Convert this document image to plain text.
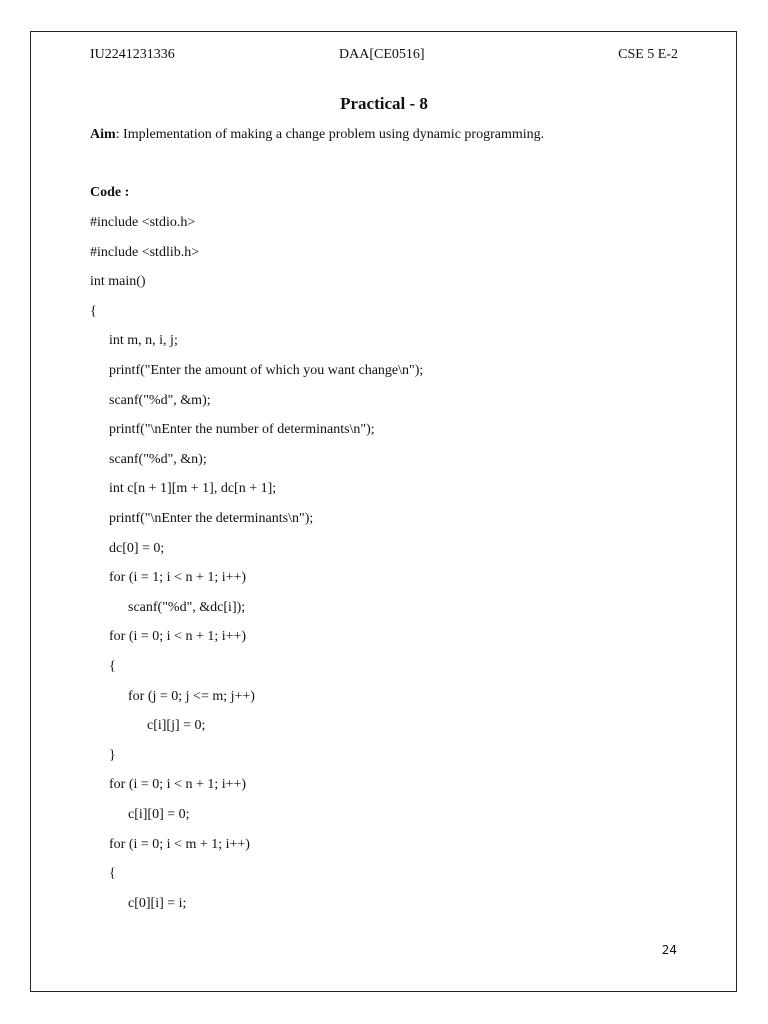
IU2241231336	DAA[CE0516]	CSE 5 E-2
Practical - 8
Aim: Implementation of making a change problem using dynamic programming.
Code :
#include <stdio.h>
#include <stdlib.h>
int main()
{
int m, n, i, j;
printf("Enter the amount of which you want change\n");
scanf("%d", &m);
printf("\nEnter the number of determinants\n");
scanf("%d", &n);
int c[n + 1][m + 1], dc[n + 1];
printf("\nEnter the determinants\n");
dc[0] = 0;
for (i = 1; i < n + 1; i++)
scanf("%d", &dc[i]);
for (i = 0; i < n + 1; i++)
{
for (j = 0; j <= m; j++)
c[i][j] = 0;
}
for (i = 0; i < n + 1; i++)
c[i][0] = 0;
for (i = 0; i < m + 1; i++)
{
c[0][i] = i;
24
